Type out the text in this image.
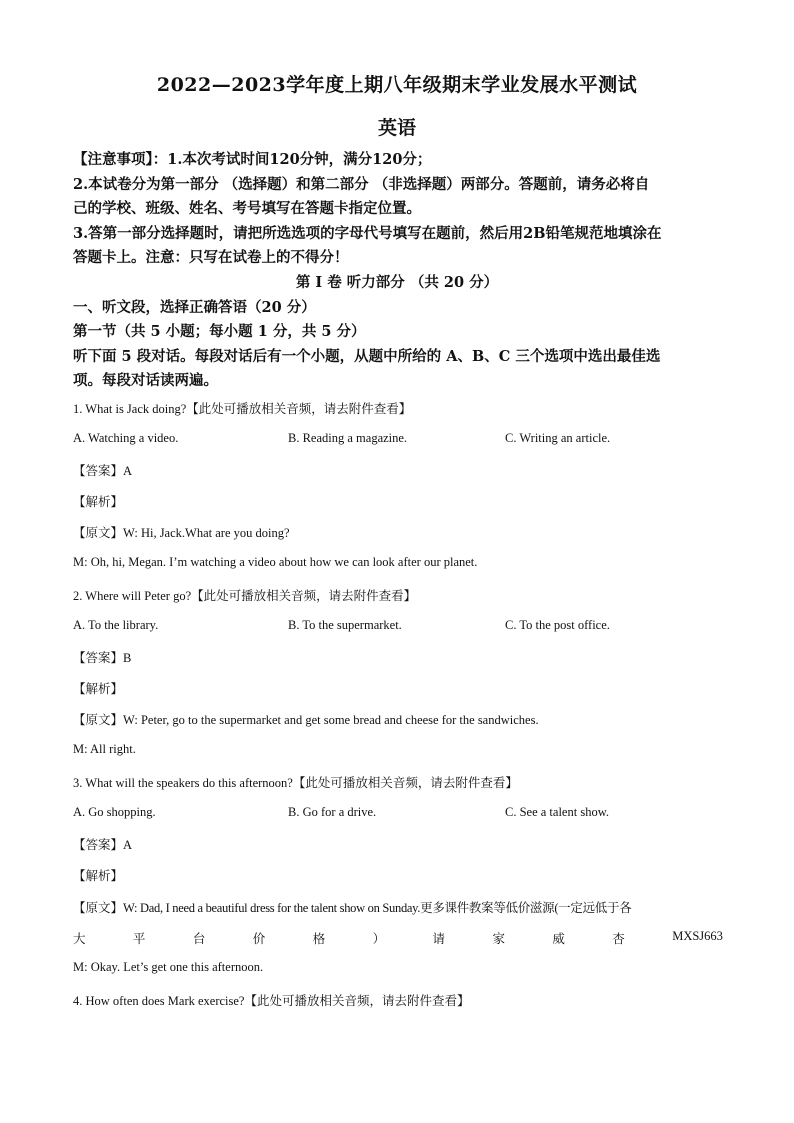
2022—2023学年度上期八年级期末学业发展水平测试
英语
【注意事项】：1.本次考试时间120分钟，满分120分；
2.本试卷分为第一部分 （选择题）和第二部分 （非选择题）两部分。答题前，请务必将自
己的学校、班级、姓名、考号填写在答题卡指定位置。
3.答第一部分选择题时，请把所选选项的字母代号填写在题前，然后用2B铅笔规范地填涂在
答题卡上。注意：只写在试卷上的不得分！
第 I 卷 听力部分 （共 20 分）
一、听文段，选择正确答语（20 分）
第一节（共 5 小题；每小题 1 分，共 5 分）
听下面 5 段对话。每段对话后有一个小题，从题中所给的 A、B、C 三个选项中选出最佳选
项。每段对话读两遍。
1. What is Jack doing?【此处可播放相关音频，请去附件查看】
A. Watching a video.	B. Reading a magazine.	C. Writing an article.
【答案】A
【解析】
【原文】W: Hi, Jack.What are you doing?
M: Oh, hi, Megan. I’m watching a video about how we can look after our planet.
2. Where will Peter go?【此处可播放相关音频，请去附件查看】
A. To the library.	B. To the supermarket.	C. To the post office.
【答案】B
【解析】
【原文】W: Peter, go to the supermarket and get some bread and cheese for the sandwiches.
M: All right.
3. What will the speakers do this afternoon?【此处可播放相关音频，请去附件查看】
A. Go shopping.	B. Go for a drive.	C. See a talent show.
【答案】A
【解析】
【原文】W: Dad, I need a beautiful dress for the talent show on Sunday.更多课件教案等低价滋源(一定远低于各
大	平	台	价	格	）	请	家	威	杏	MXSJ663
M: Okay. Let’s get one this afternoon.
4. How often does Mark exercise?【此处可播放相关音频，请去附件查看】
